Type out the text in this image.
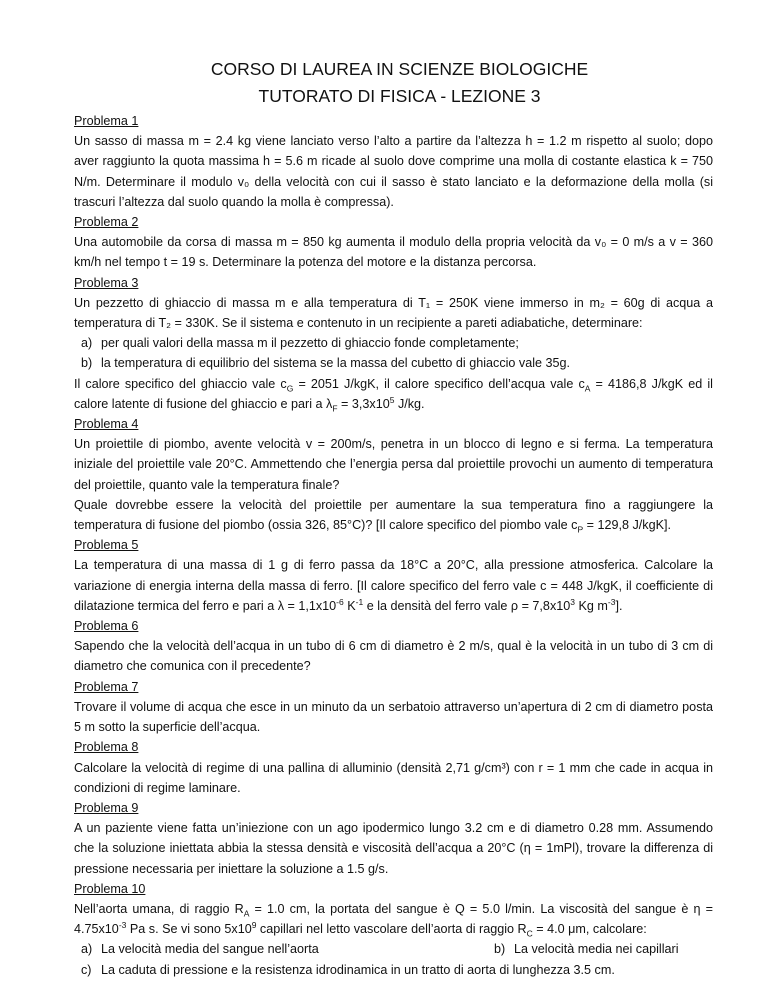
CORSO DI LAUREA IN SCIENZE BIOLOGICHE
TUTORATO DI FISICA - LEZIONE 3
Problema 1

Un sasso di massa m = 2.4 kg viene lanciato verso l’alto a partire da l’altezza h = 1.2 m rispetto al suolo; dopo aver raggiunto la quota massima h = 5.6 m ricade al suolo dove comprime una molla di costante elastica k = 750 N/m. Determinare il modulo v₀ della velocità con cui il sasso è stato lanciato e la deformazione della molla (si trascuri l’altezza dal suolo quando la molla è compressa).

Problema 2

Una automobile da corsa di massa m = 850 kg aumenta il modulo della propria velocità da v₀ = 0 m/s a v = 360 km/h nel tempo t = 19 s. Determinare la potenza del motore e la distanza percorsa.

Problema 3

Un pezzetto di ghiaccio di massa m e alla temperatura di T₁ = 250K viene immerso in m₂ = 60g di acqua a temperatura di T₂ = 330K. Se il sistema e contenuto in un recipiente a pareti adiabatiche, determinare:

a) per quali valori della massa m il pezzetto di ghiaccio fonde completamente;
b) la temperatura di equilibrio del sistema se la massa del cubetto di ghiaccio vale 35g.

Il calore specifico del ghiaccio vale $c_G = 2051$ J/kgK, il calore specifico dell’acqua vale $c_A = 4186,8$ J/kgK ed il calore latente di fusione del ghiaccio e pari a $\lambda_F = 3,3x10^5$ J/kg.

Problema 4

Un proiettile di piombo, avente velocità v = 200m/s, penetra in un blocco di legno e si ferma. La temperatura iniziale del proiettile vale 20°C. Ammettendo che l’energia persa dal proiettile provochi un aumento di temperatura del proiettile, quanto vale la temperatura finale?

Quale dovrebbe essere la velocità del proiettile per aumentare la sua temperatura fino a raggiungere la temperatura di fusione del piombo (ossia 326, 85°C)? [Il calore specifico del piombo vale $c_P = 129,8$ J/kgK].

Problema 5

La temperatura di una massa di 1 g di ferro passa da 18°C a 20°C, alla pressione atmosferica. Calcolare la variazione di energia interna della massa di ferro. [Il calore specifico del ferro vale c = 448 J/kgK, il coefficiente di dilatazione termica del ferro e pari a $\lambda = 1,1x10^{-6}$ $K^{-1}$ e la densità del ferro vale $\rho = 7,8x10^3$ Kg $m^{-3}$].

Problema 6

Sapendo che la velocità dell’acqua in un tubo di 6 cm di diametro è 2 m/s, qual è la velocità in un tubo di 3 cm di diametro che comunica con il precedente?

Problema 7

Trovare il volume di acqua che esce in un minuto da un serbatoio attraverso un’apertura di 2 cm di diametro posta 5 m sotto la superficie dell’acqua.

Problema 8

Calcolare la velocità di regime di una pallina di alluminio (densità 2,71 g/cm³) con r = 1 mm che cade in acqua in condizioni di regime laminare.

Problema 9

A un paziente viene fatta un’iniezione con un ago ipodermico lungo 3.2 cm e di diametro 0.28 mm. Assumendo che la soluzione iniettata abbia la stessa densità e viscosità dell’acqua a 20°C (η = 1mPl), trovare la differenza di pressione necessaria per iniettare la soluzione a 1.5 g/s.

Problema 10

Nell’aorta umana, di raggio $R_A = 1.0$ cm, la portata del sangue è Q = 5.0 l/min. La viscosità del sangue è $\eta = 4.75x10^{-3}$ Pa s. Se vi sono $5x10^9$ capillari nel letto vascolare dell’aorta di raggio $R_C = 4.0$ μm, calcolare:

a) La velocità media del sangue nell’aorta	b) La velocità media nei capillari
c) La caduta di pressione e la resistenza idrodinamica in un tratto di aorta di lunghezza 3.5 cm.
